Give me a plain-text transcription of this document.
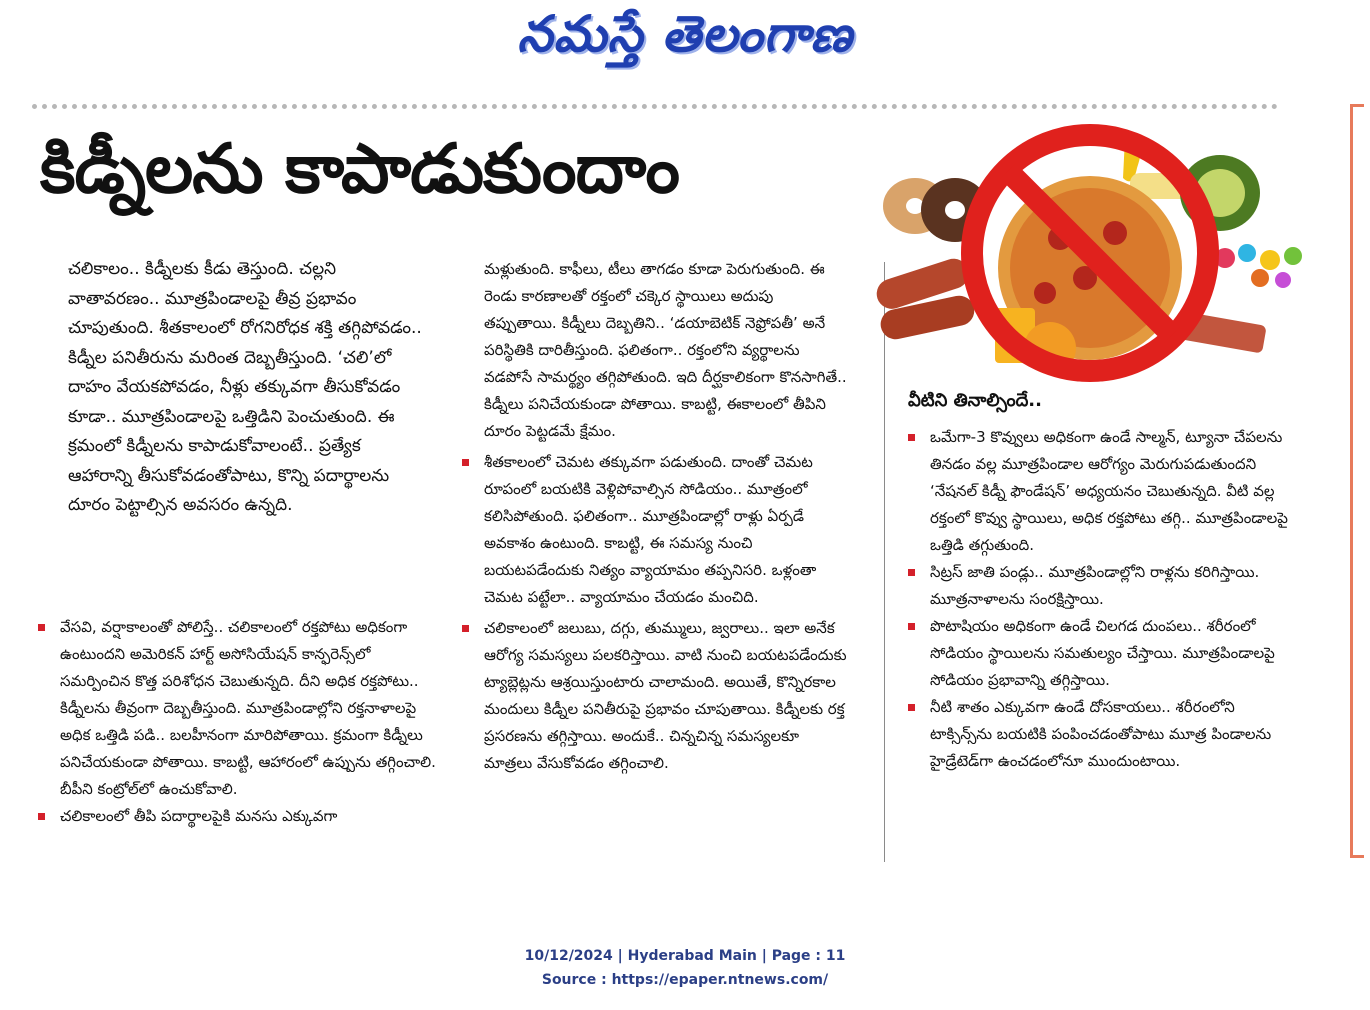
నమస్తే తెలంగాణ
కిడ్నీలను కాపాడుకుందాం

చలికాలం.. కిడ్నీలకు కీడు తెస్తుంది. చల్లని వాతావరణం.. మూత్రపిండాలపై తీవ్ర ప్రభావం చూపుతుంది. శీతకాలంలో రోగనిరోధక శక్తి తగ్గిపోవడం.. కిడ్నీల పనితీరును మరింత దెబ్బతీస్తుంది. ‘చలి’లో దాహం వేయకపోవడం, నీళ్లు తక్కువగా తీసుకోవడం కూడా.. మూత్రపిండాలపై ఒత్తిడిని పెంచుతుంది. ఈ క్రమంలో కిడ్నీలను కాపాడుకోవాలంటే.. ప్రత్యేక ఆహారాన్ని తీసుకోవడంతోపాటు, కొన్ని పదార్థాలను దూరం పెట్టాల్సిన అవసరం ఉన్నది.

వేసవి, వర్షాకాలంతో పోలిస్తే.. చలికాలంలో రక్తపోటు అధికంగా ఉంటుందని అమెరికన్ హార్ట్ అసోసియేషన్ కాన్ఫరెన్స్‌లో సమర్పించిన కొత్త పరిశోధన చెబుతున్నది. దీని అధిక రక్తపోటు.. కిడ్నీలను తీవ్రంగా దెబ్బతీస్తుంది. మూత్రపిండాల్లోని రక్తనాళాలపై అధిక ఒత్తిడి పడి.. బలహీనంగా మారిపోతాయి. క్రమంగా కిడ్నీలు పనిచేయకుండా పోతాయి. కాబట్టి, ఆహారంలో ఉప్పును తగ్గించాలి. బీపీని కంట్రోల్‌లో ఉంచుకోవాలి.

చలికాలంలో తీపి పదార్థాలపైకి మనసు ఎక్కువగా

మళ్లుతుంది. కాఫీలు, టీలు తాగడం కూడా పెరుగుతుంది. ఈ రెండు కారణాలతో రక్తంలో చక్కెర స్థాయిలు అదుపు తప్పుతాయి. కిడ్నీలు దెబ్బతిని.. ‘డయాబెటిక్ నెఫ్రోపతీ’ అనే పరిస్థితికి దారితీస్తుంది. ఫలితంగా.. రక్తంలోని వ్యర్థాలను వడపోసే సామర్థ్యం తగ్గిపోతుంది. ఇది దీర్ఘకాలికంగా కొనసాగితే.. కిడ్నీలు పనిచేయకుండా పోతాయి. కాబట్టి, ఈకాలంలో తీపిని దూరం పెట్టడమే క్షేమం.

శీతకాలంలో చెమట తక్కువగా పడుతుంది. దాంతో చెమట రూపంలో బయటికి వెళ్లిపోవాల్సిన సోడియం.. మూత్రంలో కలిసిపోతుంది. ఫలితంగా.. మూత్రపిండాల్లో రాళ్లు ఏర్పడే అవకాశం ఉంటుంది. కాబట్టి, ఈ సమస్య నుంచి బయటపడేందుకు నిత్యం వ్యాయామం తప్పనిసరి. ఒళ్లంతా చెమట పట్టేలా.. వ్యాయామం చేయడం మంచిది.

చలికాలంలో జలుబు, దగ్గు, తుమ్ములు, జ్వరాలు.. ఇలా అనేక ఆరోగ్య సమస్యలు పలకరిస్తాయి. వాటి నుంచి బయటపడేందుకు ట్యాబ్లెట్లను ఆశ్రయిస్తుంటారు చాలామంది. అయితే, కొన్నిరకాల మందులు కిడ్నీల పనితీరుపై ప్రభావం చూపుతాయి. కిడ్నీలకు రక్త ప్రసరణను తగ్గిస్తాయి. అందుకే.. చిన్నచిన్న సమస్యలకూ మాత్రలు వేసుకోవడం తగ్గించాలి.

వీటిని తినాల్సిందే..

ఒమేగా-3 కొవ్వులు అధికంగా ఉండే సాల్మన్, ట్యూనా చేపలను తినడం వల్ల మూత్రపిండాల ఆరోగ్యం మెరుగుపడుతుందని ‘నేషనల్ కిడ్నీ ఫౌండేషన్’ అధ్యయనం చెబుతున్నది. వీటి వల్ల రక్తంలో కొవ్వు స్థాయిలు, అధిక రక్తపోటు తగ్గి.. మూత్రపిండాలపై ఒత్తిడి తగ్గుతుంది.

సిట్రస్ జాతి పండ్లు.. మూత్రపిండాల్లోని రాళ్లను కరిగిస్తాయి. మూత్రనాళాలను సంరక్షిస్తాయి.

పొటాషియం అధికంగా ఉండే చిలగడ దుంపలు.. శరీరంలో సోడియం స్థాయిలను సమతుల్యం చేస్తాయి. మూత్రపిండాలపై సోడియం ప్రభావాన్ని తగ్గిస్తాయి.

నీటి శాతం ఎక్కువగా ఉండే దోసకాయలు.. శరీరంలోని టాక్సిన్స్‌ను బయటికి పంపించడంతోపాటు మూత్ర పిండాలను హైడ్రేటెడ్‌గా ఉంచడంలోనూ ముందుంటాయి.

10/12/2024 | Hyderabad Main | Page : 11
Source : https://epaper.ntnews.com/
